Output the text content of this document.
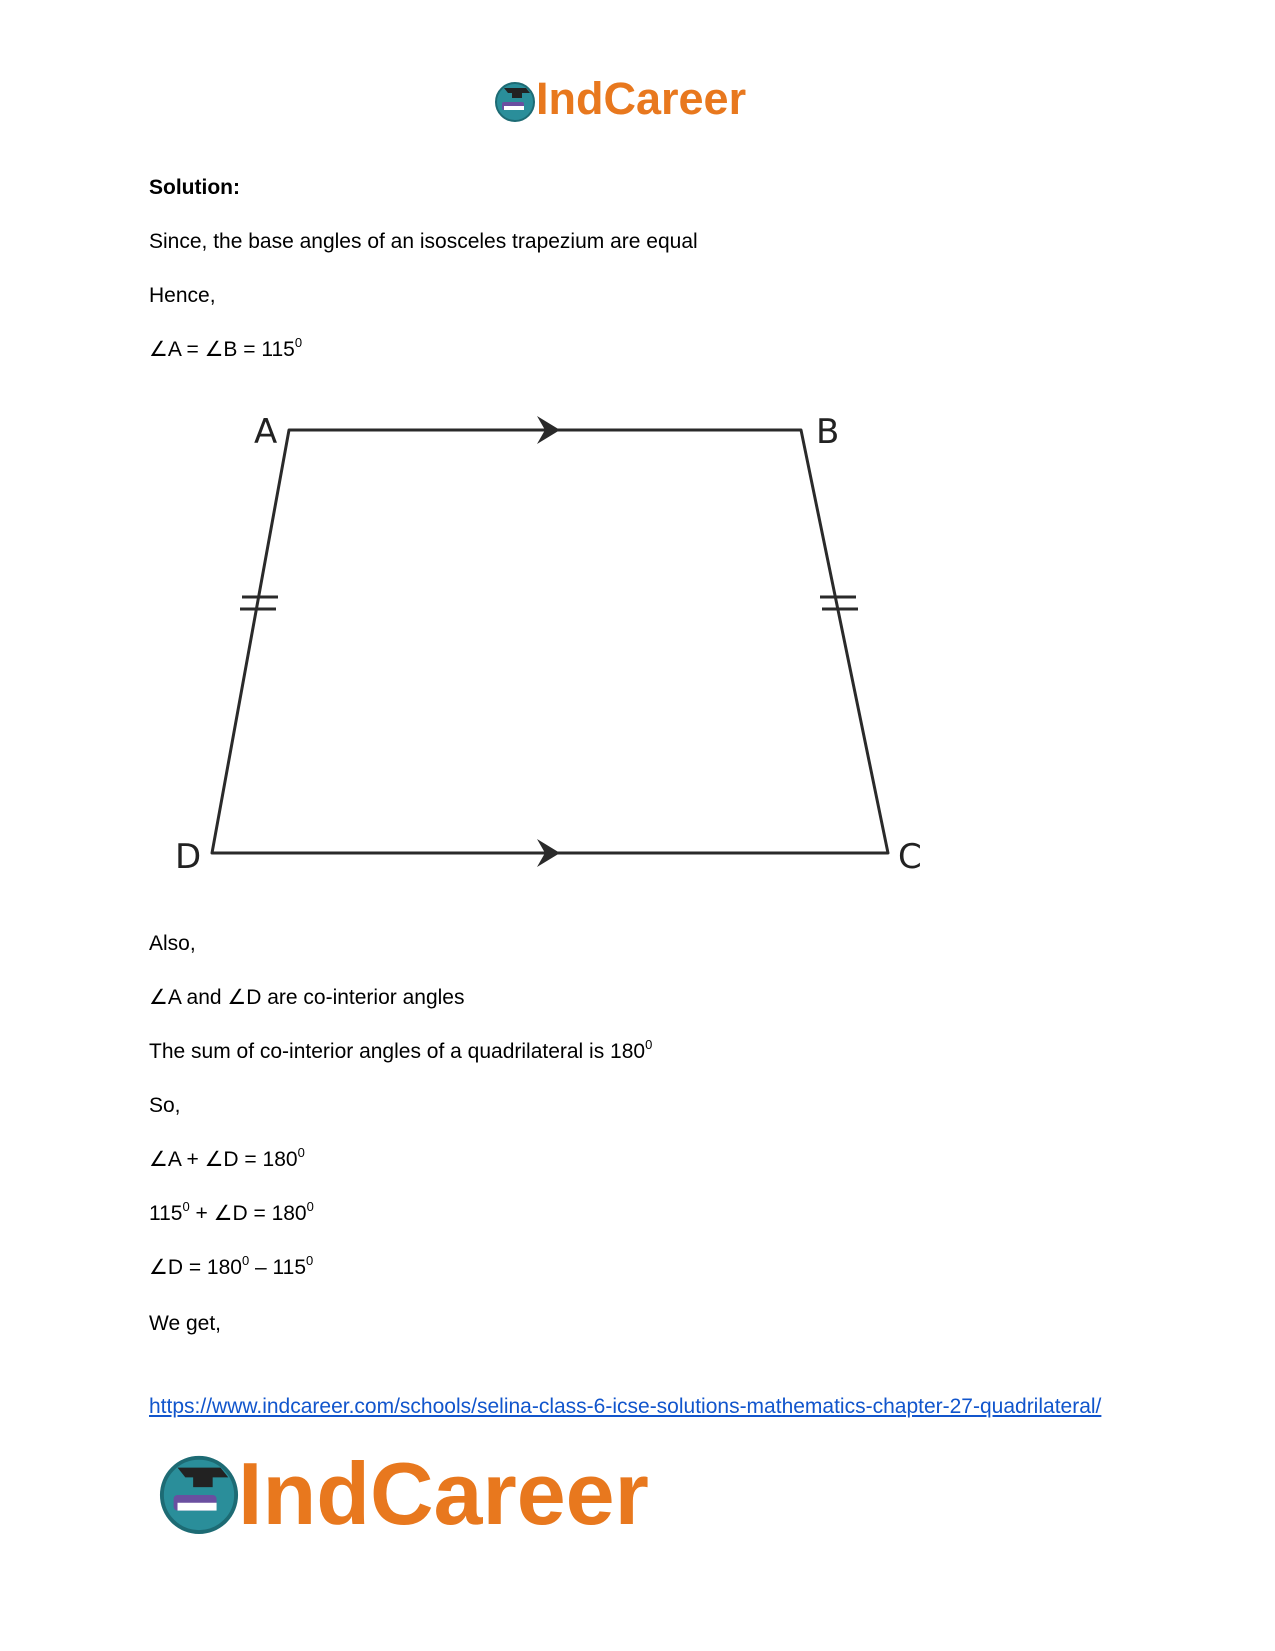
IndCareer
Solution:
Since, the base angles of an isosceles trapezium are equal
Hence,
∠A = ∠B = $115^0$
A	B
C
D
Also,
∠A and ∠D are co-interior angles
The sum of co-interior angles of a quadrilateral is $180^0$
So,
∠A + ∠D = $180^0$
$115^0$ + ∠D = $180^0$
∠D = $180^0 - 115^0$
We get,
https://www.indcareer.com/schools/selina-class-6-icse-solutions-mathematics-chapter-27-quadrilateral/
IndCareer
